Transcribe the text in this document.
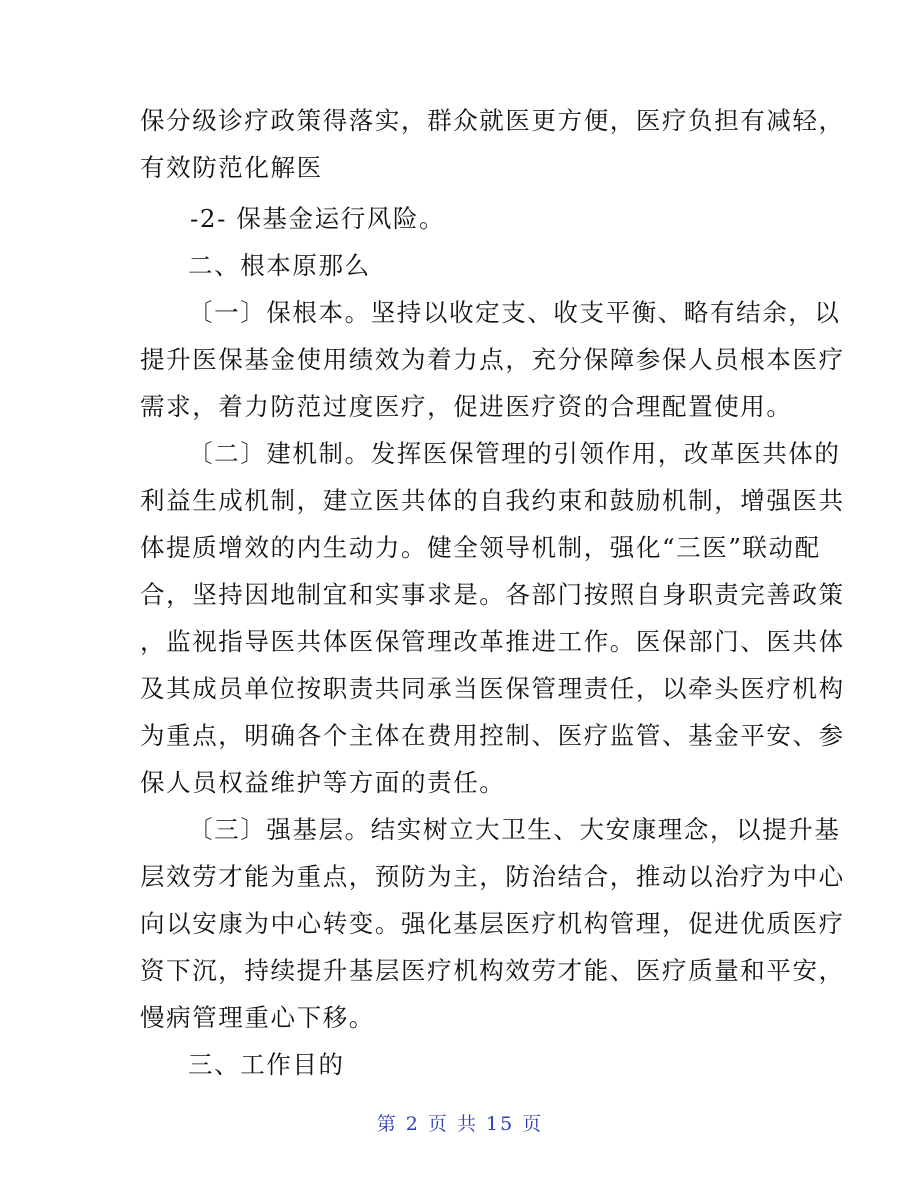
保分级诊疗政策得落实，群众就医更方便，医疗负担有减轻，
有效防范化解医
-2- 保基金运行风险。
二、根本原那么
〔一〕保根本。坚持以收定支、收支平衡、略有结余，以
提升医保基金使用绩效为着力点，充分保障参保人员根本医疗
需求，着力防范过度医疗，促进医疗资的合理配置使用。
〔二〕建机制。发挥医保管理的引领作用，改革医共体的
利益生成机制，建立医共体的自我约束和鼓励机制，增强医共
体提质增效的内生动力。健全领导机制，强化“三医”联动配
合，坚持因地制宜和实事求是。各部门按照自身职责完善政策
，监视指导医共体医保管理改革推进工作。医保部门、医共体
及其成员单位按职责共同承当医保管理责任，以牵头医疗机构
为重点，明确各个主体在费用控制、医疗监管、基金平安、参
保人员权益维护等方面的责任。
〔三〕强基层。结实树立大卫生、大安康理念，以提升基
层效劳才能为重点，预防为主，防治结合，推动以治疗为中心
向以安康为中心转变。强化基层医疗机构管理，促进优质医疗
资下沉，持续提升基层医疗机构效劳才能、医疗质量和平安，
慢病管理重心下移。
三、工作目的
第 2 页 共 15 页
